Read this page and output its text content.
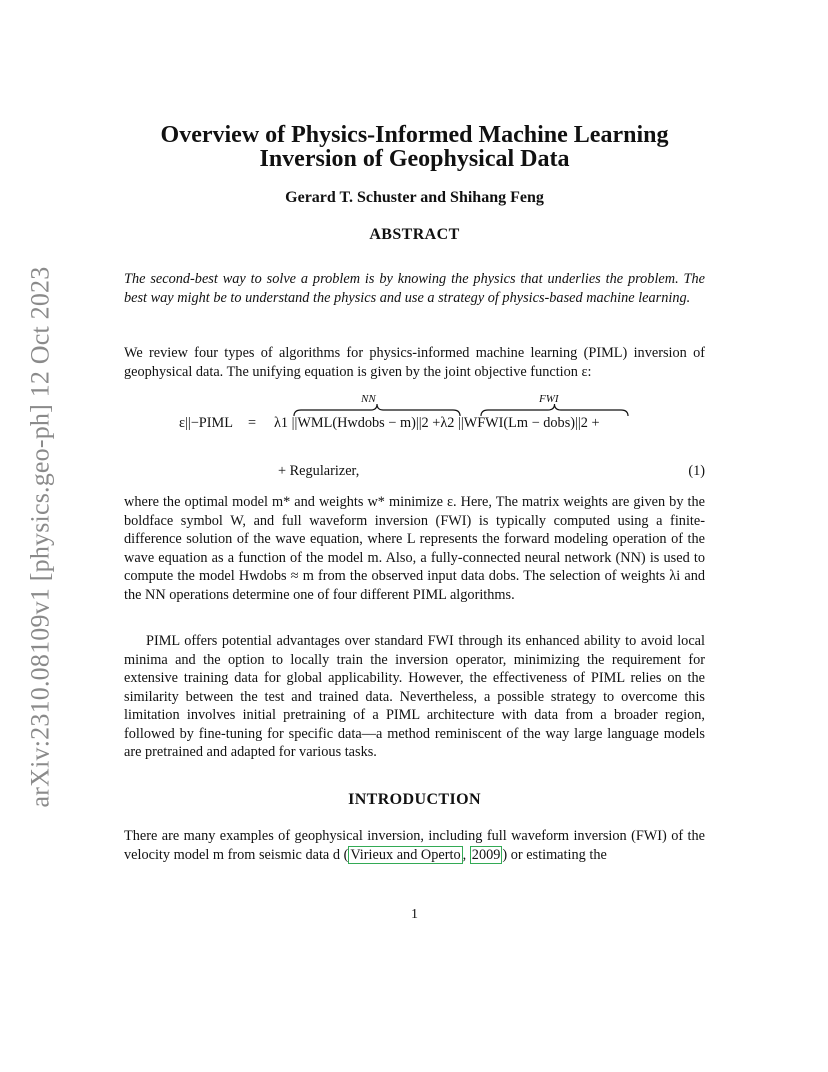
arXiv:2310.08109v1 [physics.geo-ph] 12 Oct 2023
Overview of Physics-Informed Machine Learning
Inversion of Geophysical Data
Gerard T. Schuster and Shihang Feng
ABSTRACT

The second-best way to solve a problem is by knowing the physics that underlies the problem. The best way might be to understand the physics and use a strategy of physics-based machine learning.

We review four types of algorithms for physics-informed machine learning (PIML) inversion of geophysical data. The unifying equation is given by the joint objective function ε:

NN	FWI
ε||−PIML = λ1 ||WML(Hwdobs − m)||2 +λ2 ||WFWI(Lm − dobs)||2 +
+ Regularizer,	(1)

where the optimal model m* and weights w* minimize ε. Here, The matrix weights are given by the boldface symbol W, and full waveform inversion (FWI) is typically computed using a finite-difference solution of the wave equation, where L represents the forward modeling operation of the wave equation as a function of the model m. Also, a fully-connected neural network (NN) is used to compute the model Hwdobs ≈ m from the observed input data dobs. The selection of weights λi and the NN operations determine one of four different PIML algorithms.

PIML offers potential advantages over standard FWI through its enhanced ability to avoid local minima and the option to locally train the inversion operator, minimizing the requirement for extensive training data for global applicability. However, the effectiveness of PIML relies on the similarity between the test and trained data. Nevertheless, a possible strategy to overcome this limitation involves initial pretraining of a PIML architecture with data from a broader region, followed by fine-tuning for specific data—a method reminiscent of the way large language models are pretrained and adapted for various tasks.

INTRODUCTION

There are many examples of geophysical inversion, including full waveform inversion (FWI) of the velocity model m from seismic data d ( Virieux and Operto , 2009 ) or estimating the

1
